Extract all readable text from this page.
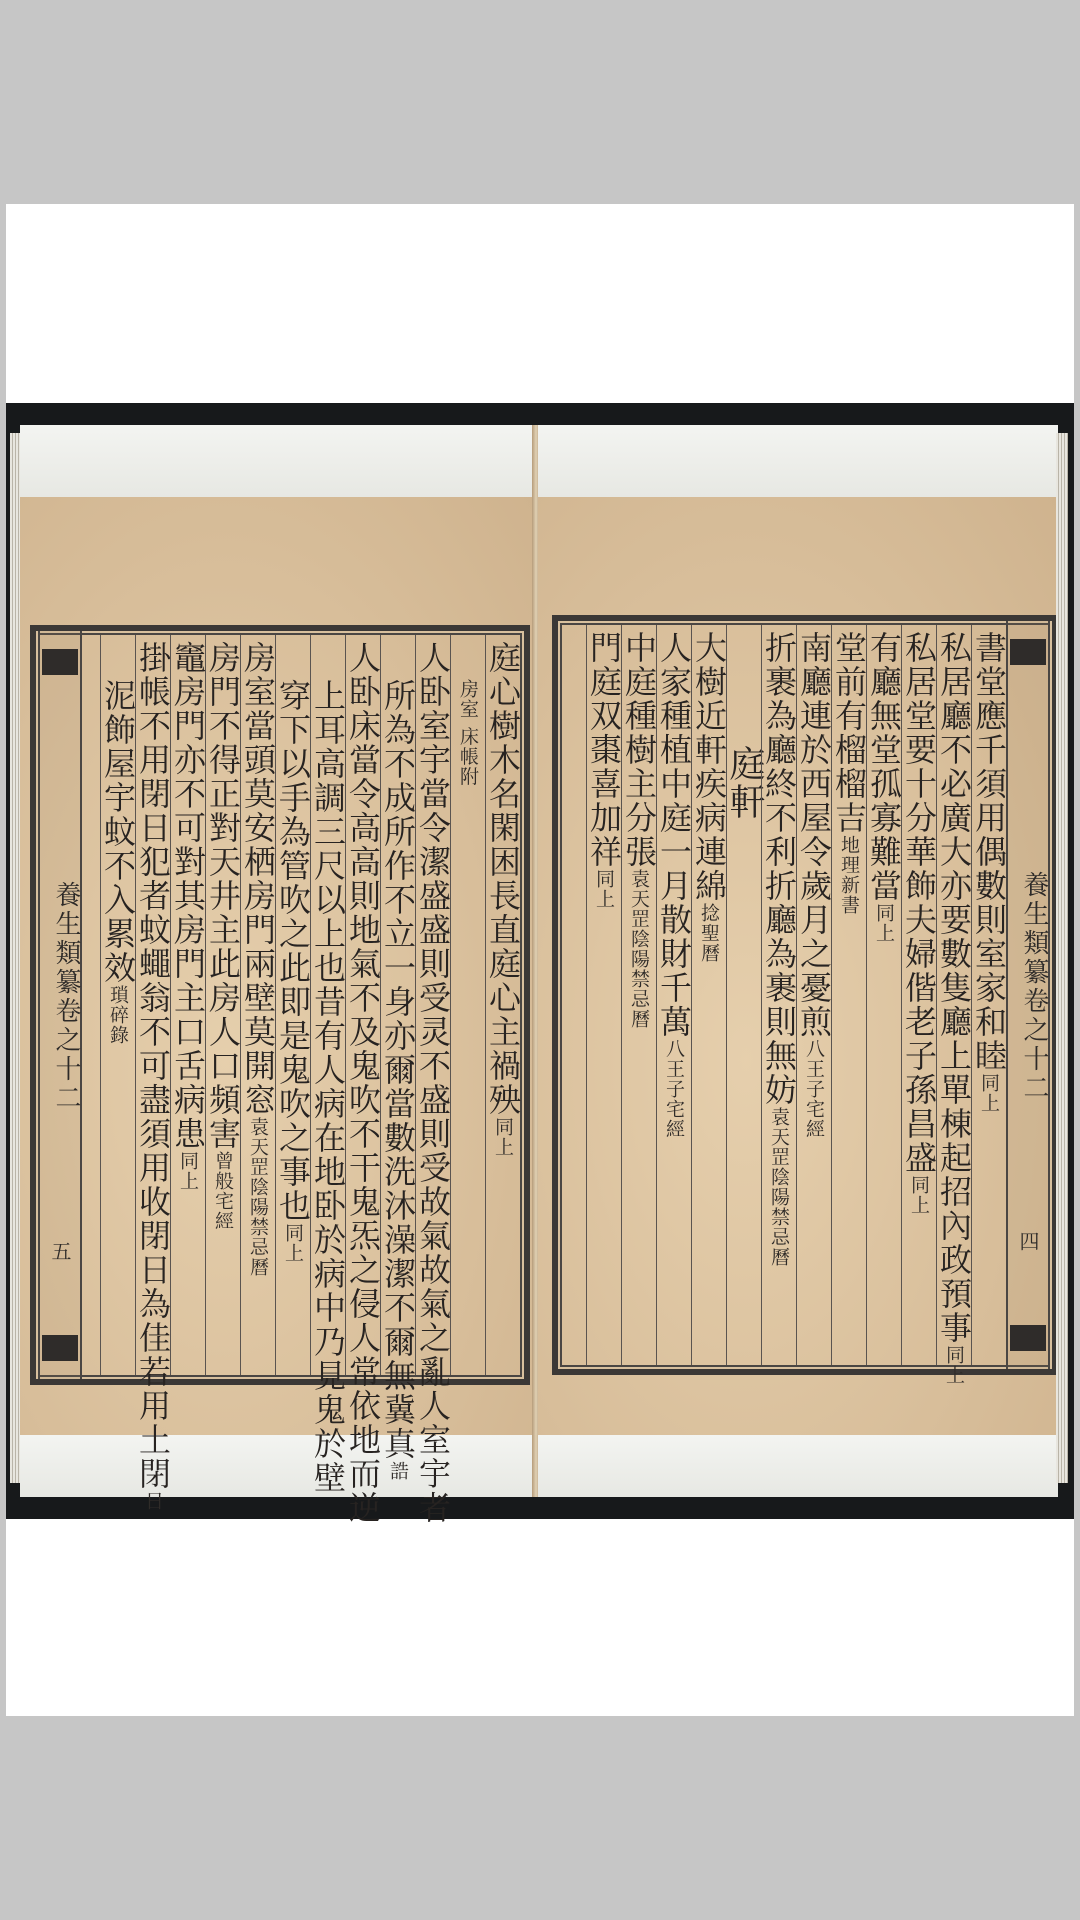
養生類纂卷之十二
五
庭心樹木名閑困長直庭心主禍殃同上
房室 床帳附
人卧室宇當令潔盛盛則受灵不盛則受故氣故氣之亂人室宇者
所為不成所作不立一身亦爾當數洗沐澡潔不爾無冀真誥
人卧床當令高高則地氣不及鬼吹不干鬼炁之侵人常依地而逆
上耳高調三尺以上也昔有人病在地卧於病中乃見鬼於壁
穿下以手為管吹之此即是鬼吹之事也同上
房室當頭莫安栖房門兩壁莫開窓袁天罡陰陽禁忌曆
房門不得正對天井主此房人口頻害曾般宅經
竈房門亦不可對其房門主口舌病患同上
掛帳不用閉日犯者蚊蠅翁不可盡須用收閉日為佳若用土閉日
泥飾屋宇蚊不入累效瑣碎錄	養生類纂卷之十二
四
書堂應千須用偶數則室家和睦同上
私居廳不必廣大亦要數隻廳上單棟起招內政預事同上
私居堂要十分華飾夫婦偕老子孫昌盛同上
有廳無堂孤寡難當同上
堂前有榴榴吉地理新書
南廳連於西屋令歲月之憂煎八王子宅經
折裹為廳終不利折廳為裹則無妨袁天罡陰陽禁忌曆
庭軒
大樹近軒疾病連綿捻聖曆
人家種植中庭一月散財千萬八王子宅經
中庭種樹主分張袁天罡陰陽禁忌曆
門庭双棗喜加祥同上
